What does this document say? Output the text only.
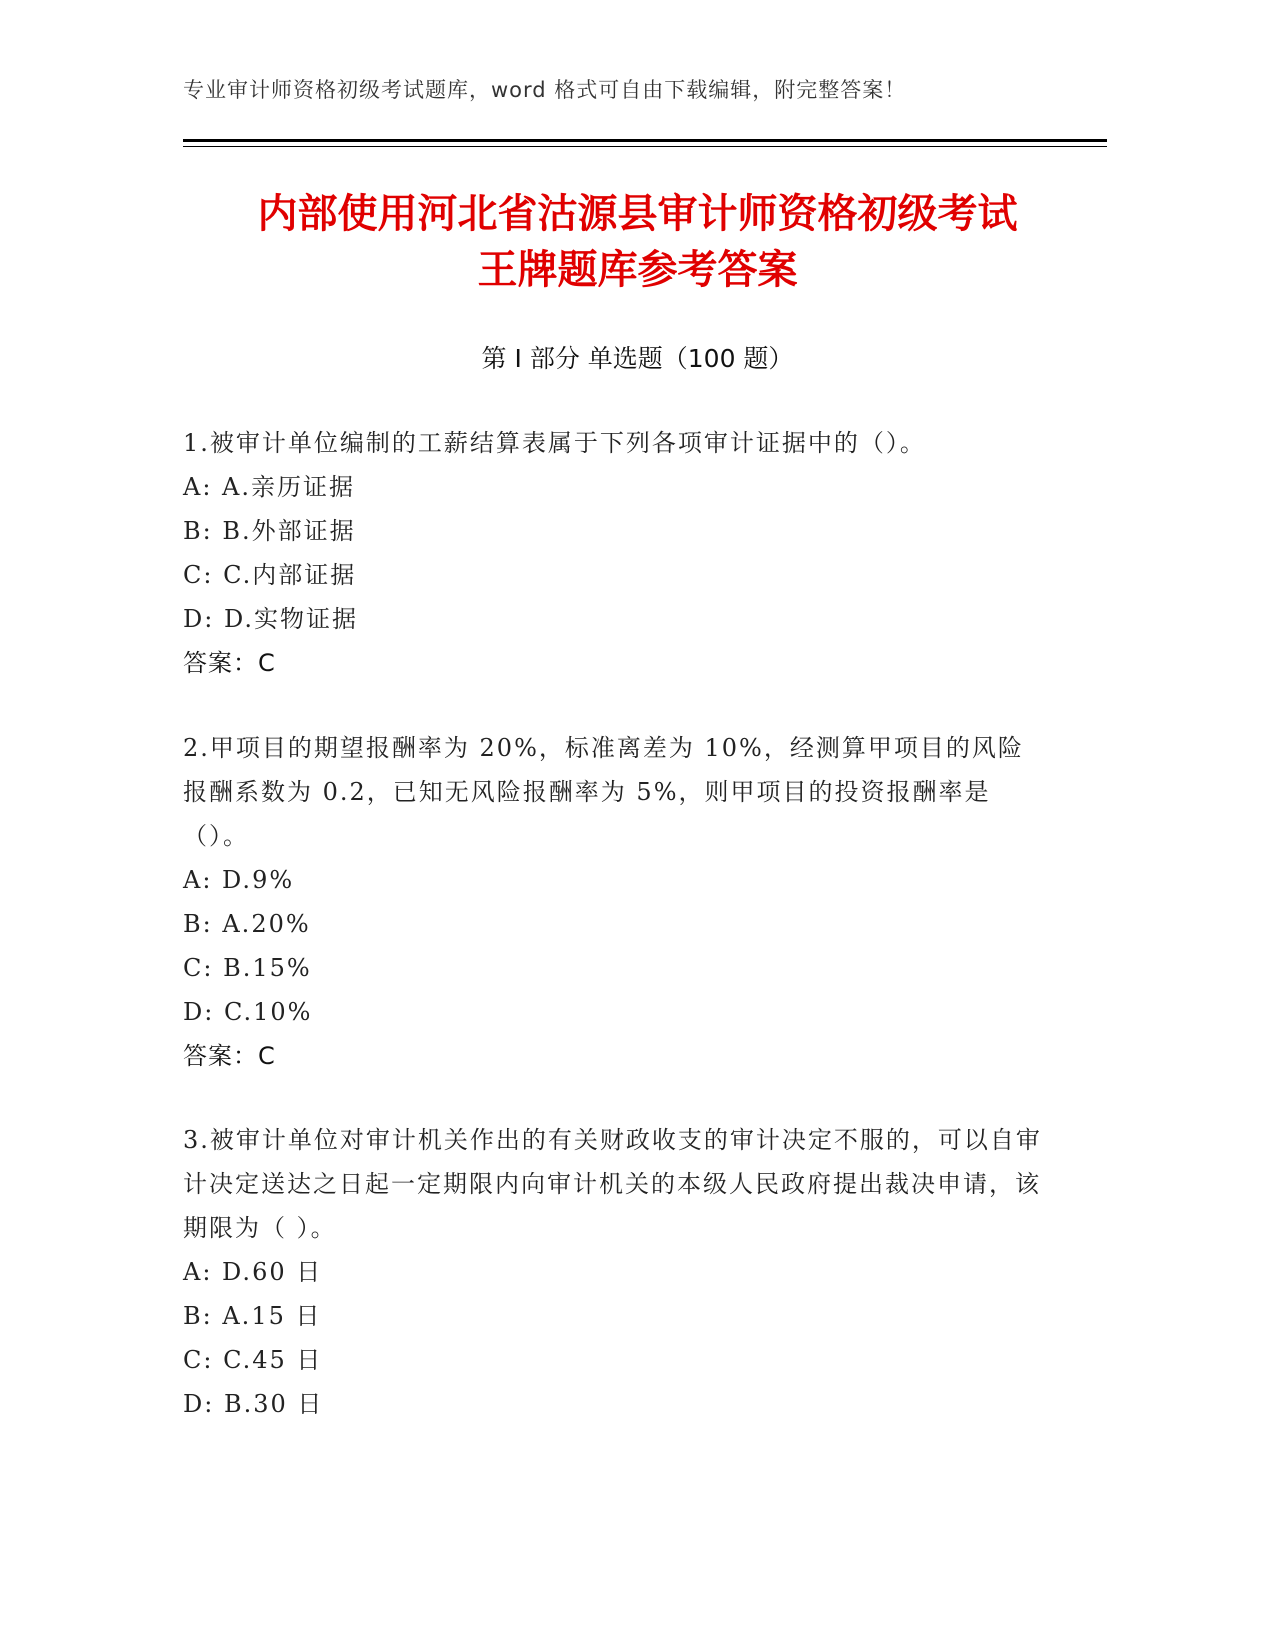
专业审计师资格初级考试题库，word 格式可自由下载编辑，附完整答案！
内部使用河北省沽源县审计师资格初级考试
王牌题库参考答案
第 I 部分 单选题（100 题）
1.被审计单位编制的工薪结算表属于下列各项审计证据中的（）。
A: A.亲历证据
B: B.外部证据
C: C.内部证据
D: D.实物证据
答案：C
2.甲项目的期望报酬率为 20%，标准离差为 10%，经测算甲项目的风险报酬系数为 0.2，已知无风险报酬率为 5%，则甲项目的投资报酬率是（）。
A: D.9%
B: A.20%
C: B.15%
D: C.10%
答案：C
3.被审计单位对审计机关作出的有关财政收支的审计决定不服的，可以自审计决定送达之日起一定期限内向审计机关的本级人民政府提出裁决申请，该期限为（ ）。
A: D.60 日
B: A.15 日
C: C.45 日
D: B.30 日
